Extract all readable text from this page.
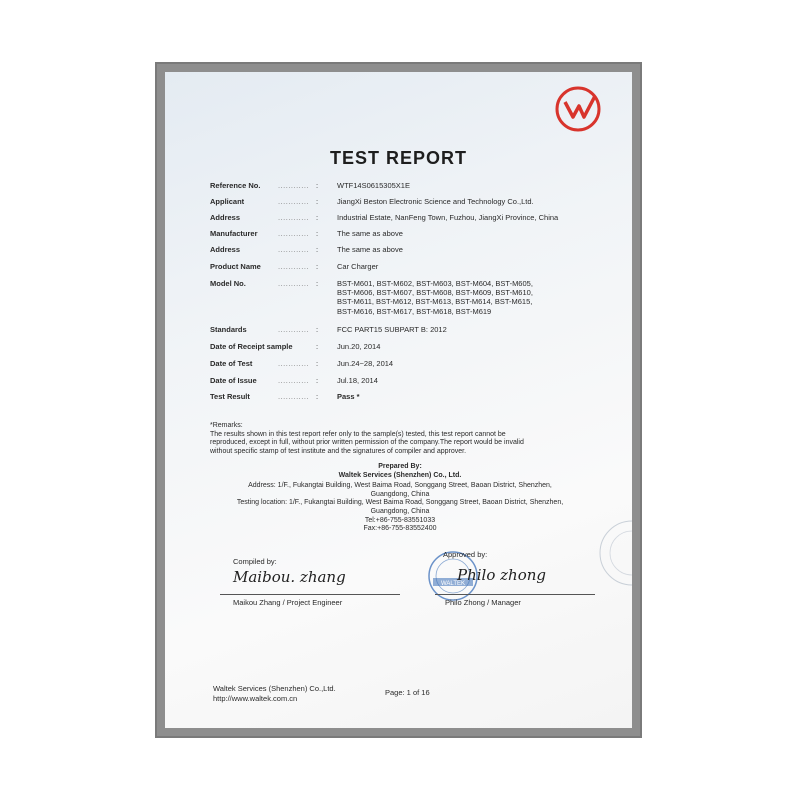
TEST REPORT
Reference No.	............ :	WTF14S0615305X1E
Applicant	............ :	JiangXi Beston Electronic Science and Technology Co.,Ltd.
Address	............ :	Industrial Estate, NanFeng Town, Fuzhou, JiangXi Province, China
Manufacturer	............ :	The same as above
Address	............ :	The same as above
Product Name	............ :	Car Charger
Model No.	............ :	BST-M601, BST-M602, BST-M603, BST-M604, BST-M605,
BST-M606, BST-M607, BST-M608, BST-M609, BST-M610,
BST-M611, BST-M612, BST-M613, BST-M614, BST-M615,
BST-M616, BST-M617, BST-M618, BST-M619
Standards	............ :	FCC PART15 SUBPART B: 2012
Date of Receipt sample	:	Jun.20, 2014
Date of Test	............ :	Jun.24~28, 2014
Date of Issue	............ :	Jul.18, 2014
Test Result	............ :	Pass *
*Remarks:
The results shown in this test report refer only to the sample(s) tested, this test report cannot be
reproduced, except in full, without prior written permission of the company.The report would be invalid
without specific stamp of test institute and the signatures of compiler and approver.
Prepared By:
Waltek Services (Shenzhen) Co., Ltd.
Address: 1/F., Fukangtai Building, West Baima Road, Songgang Street, Baoan District, Shenzhen,
Guangdong, China
Testing location: 1/F., Fukangtai Building, West Baima Road, Songgang Street, Baoan District, Shenzhen,
Guangdong, China
Tel:+86-755-83551033
Fax:+86-755-83552400
Compiled by:
Maibou. zhang
Maikou Zhang / Project Engineer
WALTEK
Approved by:
Philo zhong
Philo Zhong / Manager
Waltek Services (Shenzhen) Co.,Ltd.
http://www.waltek.com.cn
Page: 1 of 16
